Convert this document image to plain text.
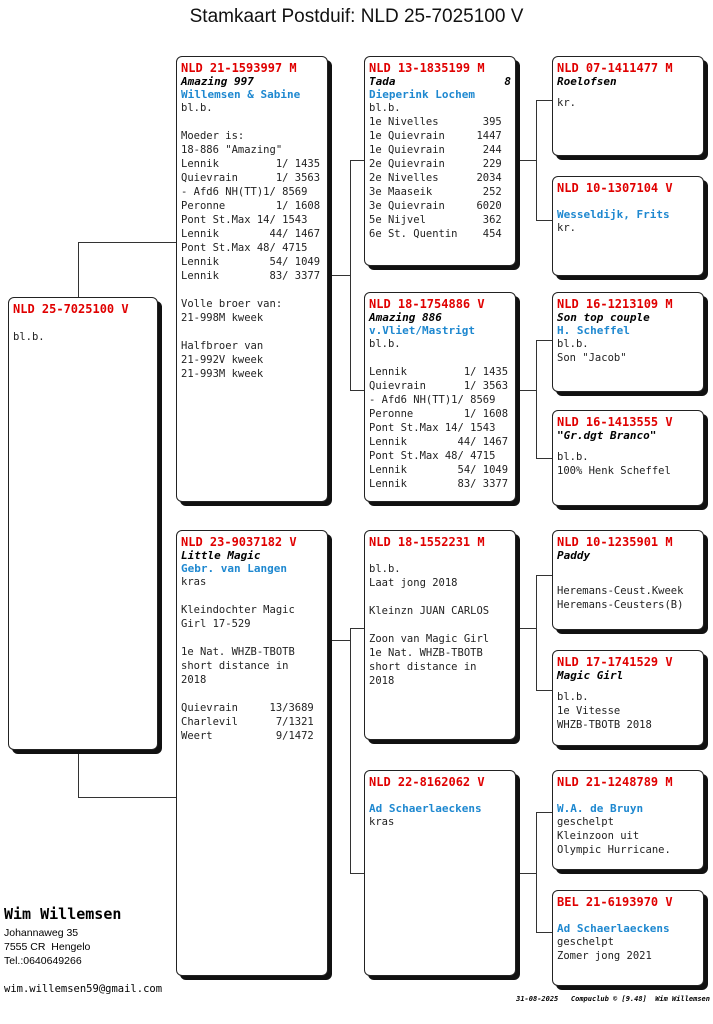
Stamkaart Postduif: NLD 25-7025100 V
NLD 25-7025100 V

bl.b.
NLD 21-1593997 M
Amazing 997
Willemsen & Sabine
bl.b.

Moeder is:
18-886 "Amazing"
Lennik         1/ 1435
Quievrain      1/ 3563
- Afd6 NH(TT)1/ 8569
Peronne        1/ 1608
Pont St.Max 14/ 1543
Lennik        44/ 1467
Pont St.Max 48/ 4715
Lennik        54/ 1049
Lennik        83/ 3377

Volle broer van:
21-998M kweek

Halfbroer van
21-992V kweek
21-993M kweek
NLD 23-9037182 V
Little Magic
Gebr. van Langen
kras

Kleindochter Magic
Girl 17-529

1e Nat. WHZB-TBOTB
short distance in
2018

Quievrain     13/3689
Charlevil      7/1321
Weert          9/1472
NLD 13-1835199 M
Tada	8
Dieperink Lochem
bl.b.
1e Nivelles       395
1e Quievrain     1447
1e Quievrain      244
2e Quievrain      229
2e Nivelles      2034
3e Maaseik        252
3e Quievrain     6020
5e Nijvel         362
6e St. Quentin    454
NLD 18-1754886 V
Amazing 886
v.Vliet/Mastrigt
bl.b.

Lennik         1/ 1435
Quievrain      1/ 3563
- Afd6 NH(TT)1/ 8569
Peronne        1/ 1608
Pont St.Max 14/ 1543
Lennik        44/ 1467
Pont St.Max 48/ 4715
Lennik        54/ 1049
Lennik        83/ 3377
NLD 18-1552231 M
bl.b.
Laat jong 2018

Kleinzn JUAN CARLOS

Zoon van Magic Girl
1e Nat. WHZB-TBOTB
short distance in
2018
NLD 22-8162062 V
Ad Schaerlaeckens
kras
NLD 07-1411477 M
Roelofsen
kr.
NLD 10-1307104 V
Wesseldijk, Frits
kr.
NLD 16-1213109 M
Son top couple
H. Scheffel
bl.b.
Son "Jacob"
NLD 16-1413555 V
"Gr.dgt Branco"
bl.b.
100% Henk Scheffel
NLD 10-1235901 M
Paddy
Heremans-Ceust.Kweek
Heremans-Ceusters(B)
NLD 17-1741529 V
Magic Girl
bl.b.
1e Vitesse
WHZB-TBOTB 2018
NLD 21-1248789 M
W.A. de Bruyn
geschelpt
Kleinzoon uit
Olympic Hurricane.
BEL 21-6193970 V
Ad Schaerlaeckens
geschelpt
Zomer jong 2021
Wim Willemsen
Johannaweg 35
7555 CR  Hengelo
Tel.:0640649266
wim.willemsen59@gmail.com
31-08-2025   Compuclub © [9.48]  Wim Willemsen
